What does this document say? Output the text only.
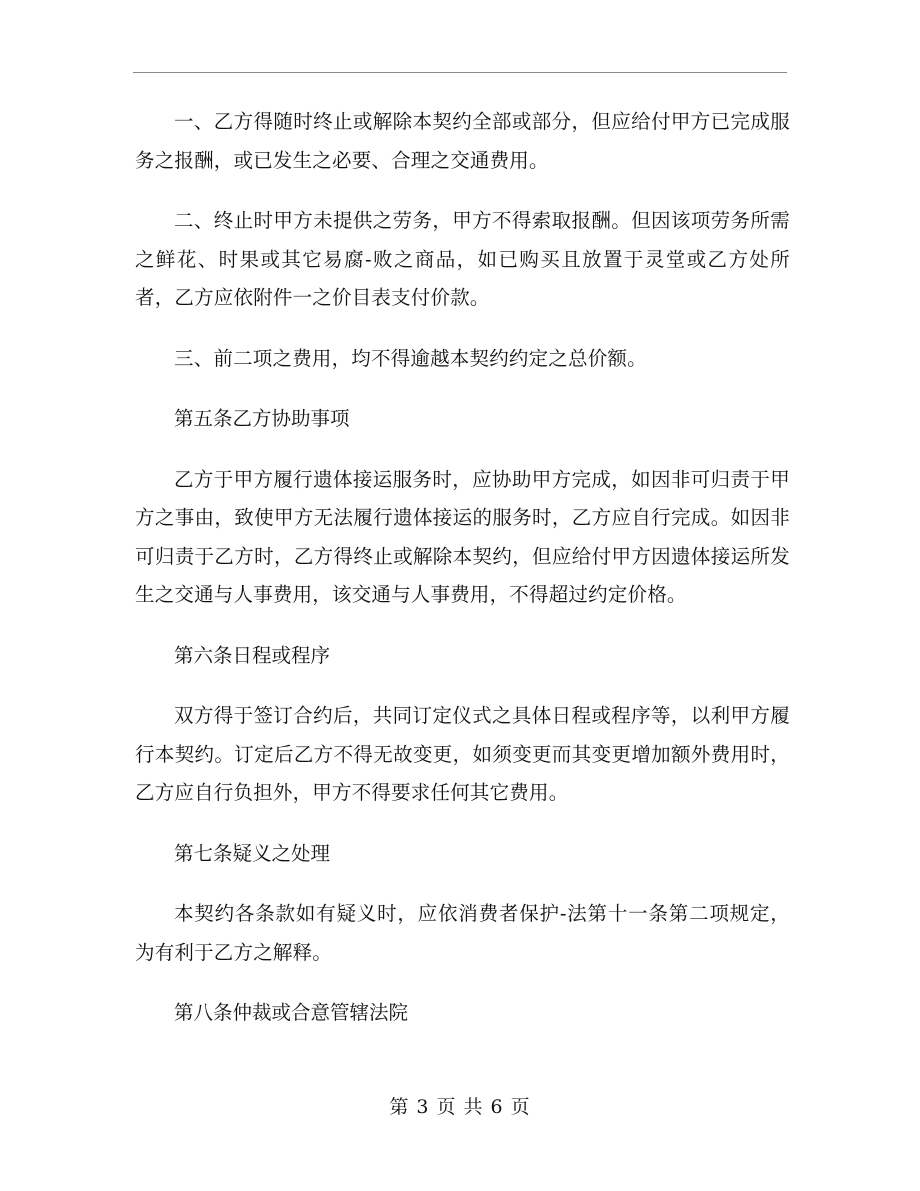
一、乙方得随时终止或解除本契约全部或部分，但应给付甲方已完成服务之报酬，或已发生之必要、合理之交通费用。

二、终止时甲方未提供之劳务，甲方不得索取报酬。但因该项劳务所需之鲜花、时果或其它易腐-败之商品，如已购买且放置于灵堂或乙方处所者，乙方应依附件一之价目表支付价款。

三、前二项之费用，均不得逾越本契约约定之总价额。

第五条乙方协助事项

乙方于甲方履行遗体接运服务时，应协助甲方完成，如因非可归责于甲方之事由，致使甲方无法履行遗体接运的服务时，乙方应自行完成。如因非可归责于乙方时，乙方得终止或解除本契约，但应给付甲方因遗体接运所发生之交通与人事费用，该交通与人事费用，不得超过约定价格。

第六条日程或程序

双方得于签订合约后，共同订定仪式之具体日程或程序等，以利甲方履行本契约。订定后乙方不得无故变更，如须变更而其变更增加额外费用时，乙方应自行负担外，甲方不得要求任何其它费用。

第七条疑义之处理

本契约各条款如有疑义时，应依消费者保护-法第十一条第二项规定，为有利于乙方之解释。

第八条仲裁或合意管辖法院

第 3 页 共 6 页
